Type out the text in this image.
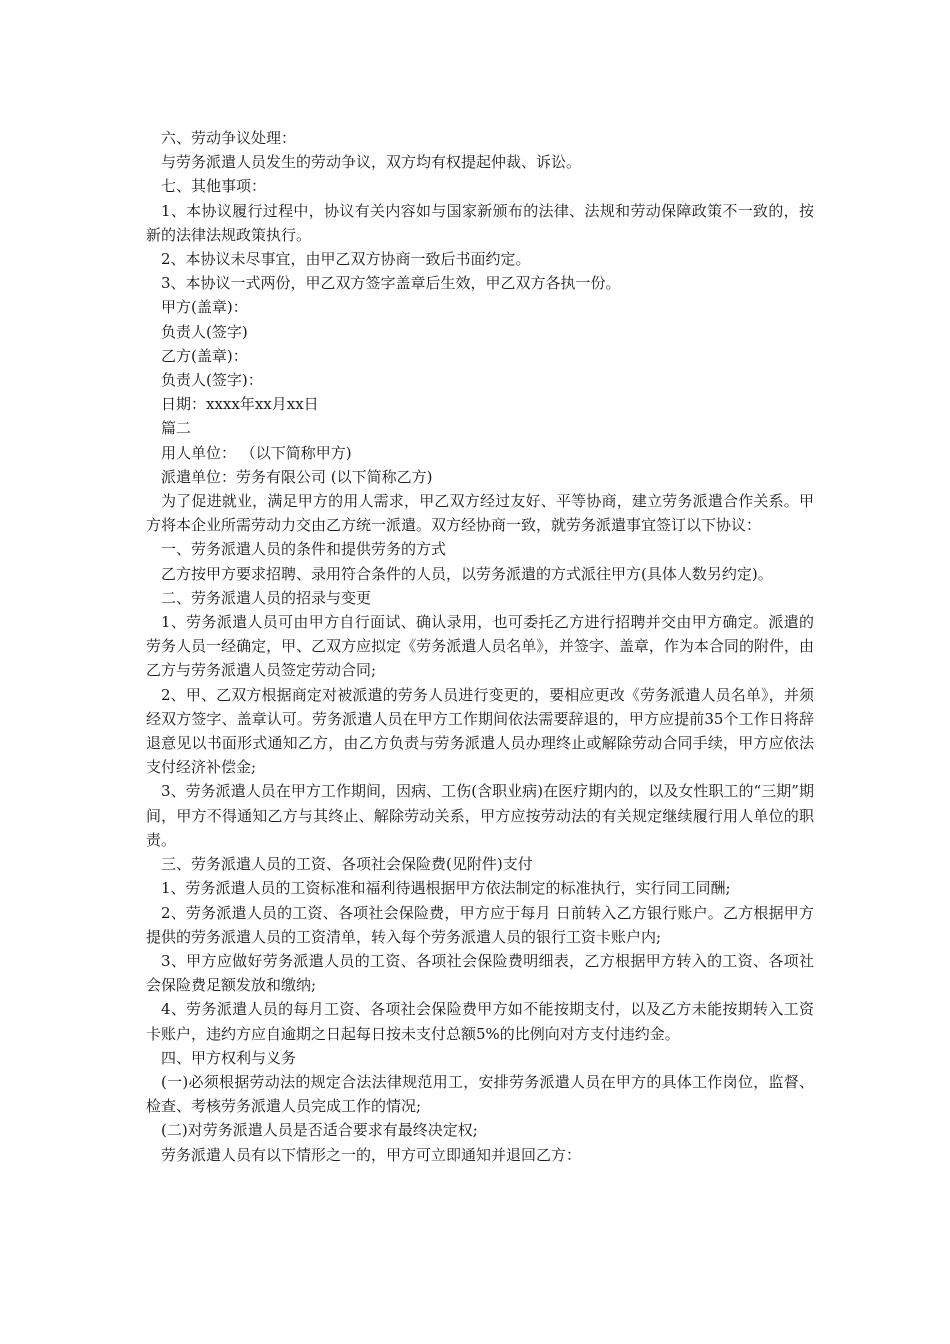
六、劳动争议处理：

与劳务派遣人员发生的劳动争议，双方均有权提起仲裁、诉讼。

七、其他事项：

1、本协议履行过程中，协议有关内容如与国家新颁布的法律、法规和劳动保障政策不一致的，按新的法律法规政策执行。

2、本协议未尽事宜，由甲乙双方协商一致后书面约定。

3、本协议一式两份，甲乙双方签字盖章后生效，甲乙双方各执一份。

甲方(盖章)：

负责人(签字)

乙方(盖章)：

负责人(签字)：

日期：xxxx年xx月xx日

篇二

用人单位： （以下简称甲方)

派遣单位：劳务有限公司 (以下简称乙方)

为了促进就业，满足甲方的用人需求，甲乙双方经过友好、平等协商，建立劳务派遣合作关系。甲方将本企业所需劳动力交由乙方统一派遣。双方经协商一致，就劳务派遣事宜签订以下协议：

一、劳务派遣人员的条件和提供劳务的方式

乙方按甲方要求招聘、录用符合条件的人员，以劳务派遣的方式派往甲方(具体人数另约定)。

二、劳务派遣人员的招录与变更

1、劳务派遣人员可由甲方自行面试、确认录用，也可委托乙方进行招聘并交由甲方确定。派遣的劳务人员一经确定，甲、乙双方应拟定《劳务派遣人员名单》，并签字、盖章，作为本合同的附件，由乙方与劳务派遣人员签定劳动合同;

2、甲、乙双方根据商定对被派遣的劳务人员进行变更的，要相应更改《劳务派遣人员名单》，并须经双方签字、盖章认可。劳务派遣人员在甲方工作期间依法需要辞退的，甲方应提前35个工作日将辞退意见以书面形式通知乙方，由乙方负责与劳务派遣人员办理终止或解除劳动合同手续，甲方应依法支付经济补偿金;

3、劳务派遣人员在甲方工作期间，因病、工伤(含职业病)在医疗期内的，以及女性职工的“三期”期间，甲方不得通知乙方与其终止、解除劳动关系，甲方应按劳动法的有关规定继续履行用人单位的职责。

三、劳务派遣人员的工资、各项社会保险费(见附件)支付

1、劳务派遣人员的工资标准和福利待遇根据甲方依法制定的标准执行，实行同工同酬;

2、劳务派遣人员的工资、各项社会保险费，甲方应于每月 日前转入乙方银行账户。乙方根据甲方提供的劳务派遣人员的工资清单，转入每个劳务派遣人员的银行工资卡账户内;

3、甲方应做好劳务派遣人员的工资、各项社会保险费明细表，乙方根据甲方转入的工资、各项社会保险费足额发放和缴纳;

4、劳务派遣人员的每月工资、各项社会保险费甲方如不能按期支付，以及乙方未能按期转入工资卡账户，违约方应自逾期之日起每日按未支付总额5%的比例向对方支付违约金。

四、甲方权利与义务

(一)必须根据劳动法的规定合法法律规范用工，安排劳务派遣人员在甲方的具体工作岗位，监督、检查、考核劳务派遣人员完成工作的情况;

(二)对劳务派遣人员是否适合要求有最终决定权;

劳务派遣人员有以下情形之一的，甲方可立即通知并退回乙方：
